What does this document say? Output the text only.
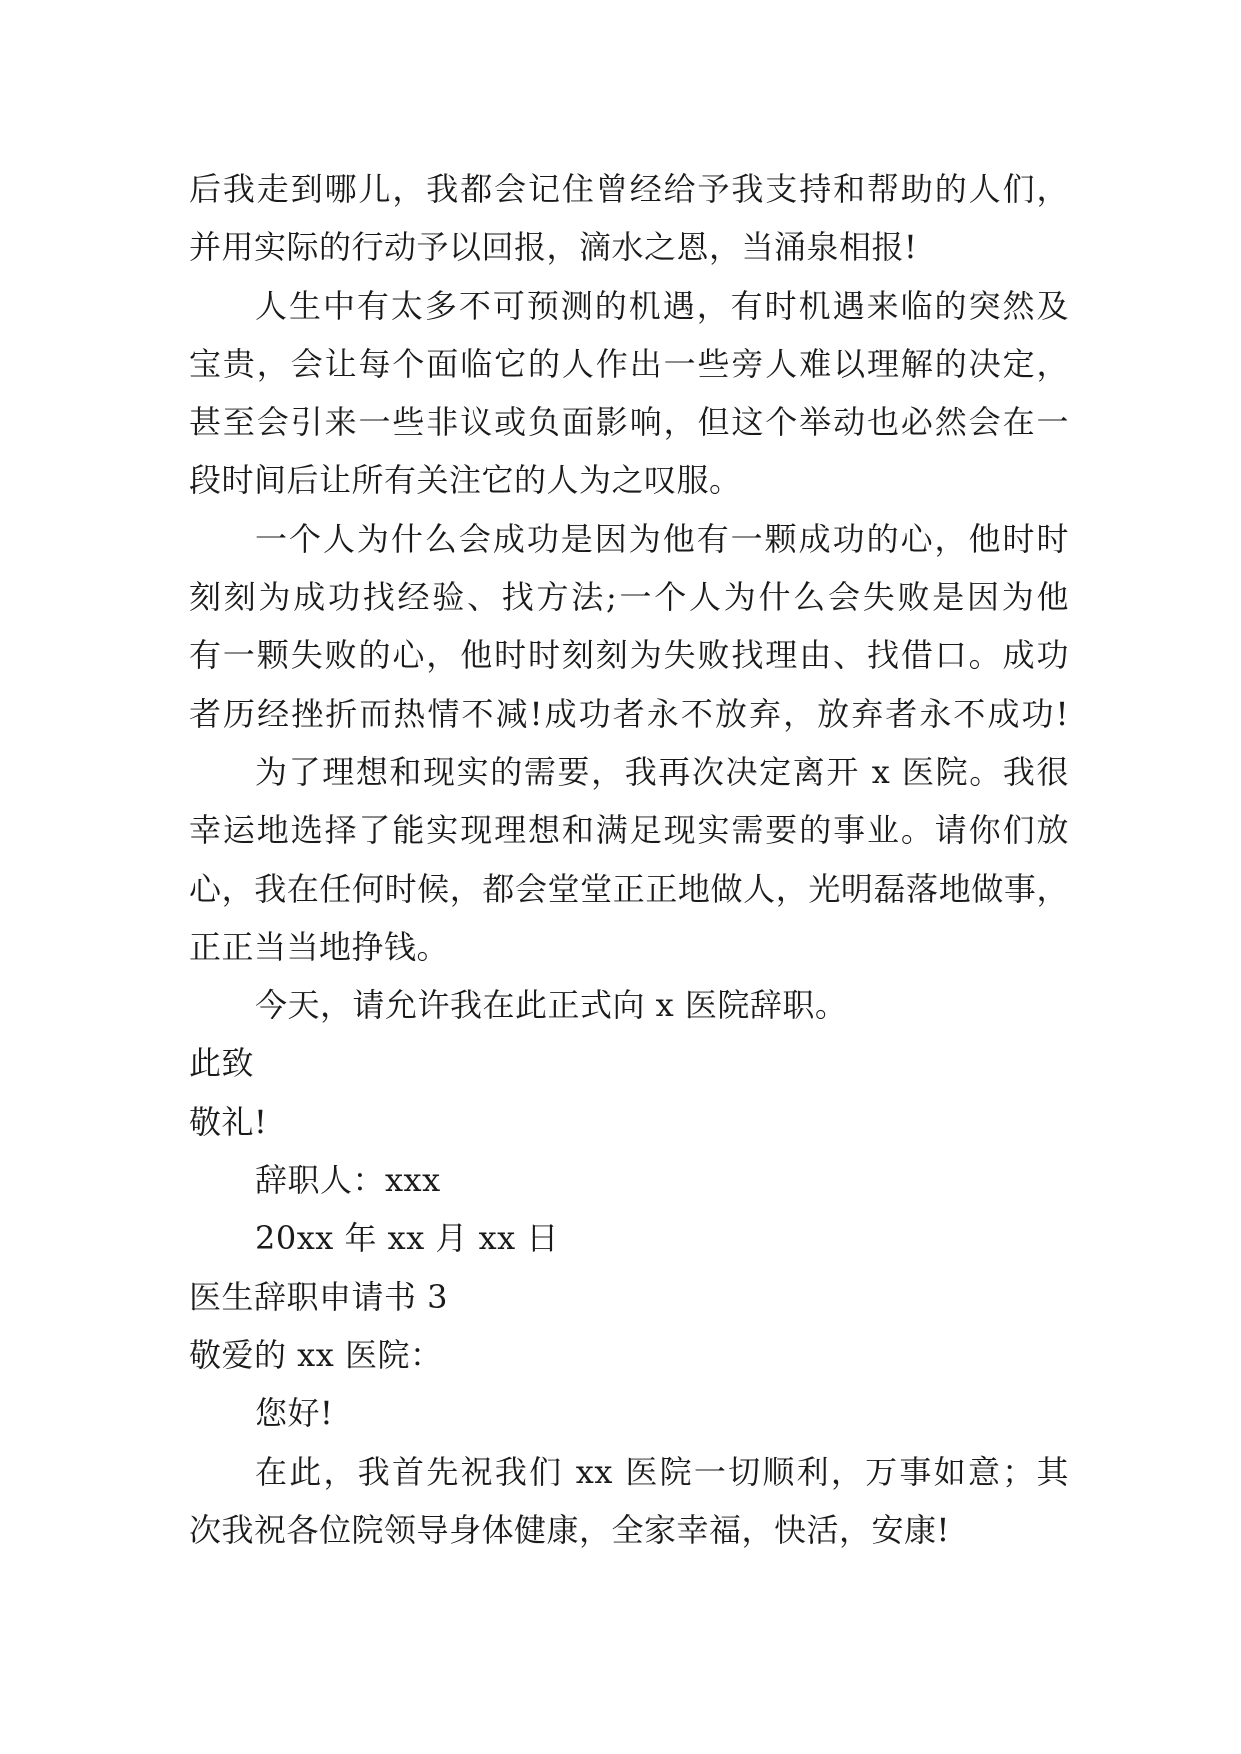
后我走到哪儿，我都会记住曾经给予我支持和帮助的人们，
并用实际的行动予以回报，滴水之恩，当涌泉相报!
人生中有太多不可预测的机遇，有时机遇来临的突然及
宝贵，会让每个面临它的人作出一些旁人难以理解的决定，
甚至会引来一些非议或负面影响，但这个举动也必然会在一
段时间后让所有关注它的人为之叹服。
一个人为什么会成功是因为他有一颗成功的心，他时时
刻刻为成功找经验、找方法;一个人为什么会失败是因为他
有一颗失败的心，他时时刻刻为失败找理由、找借口。成功
者历经挫折而热情不减!成功者永不放弃，放弃者永不成功!
为了理想和现实的需要，我再次决定离开 x 医院。我很
幸运地选择了能实现理想和满足现实需要的事业。请你们放
心，我在任何时候，都会堂堂正正地做人，光明磊落地做事，
正正当当地挣钱。
今天，请允许我在此正式向 x 医院辞职。
此致
敬礼!
辞职人：xxx
20xx 年 xx 月 xx 日
医生辞职申请书 3
敬爱的 xx 医院：
您好!
在此，我首先祝我们 xx 医院一切顺利，万事如意；其
次我祝各位院领导身体健康，全家幸福，快活，安康!
